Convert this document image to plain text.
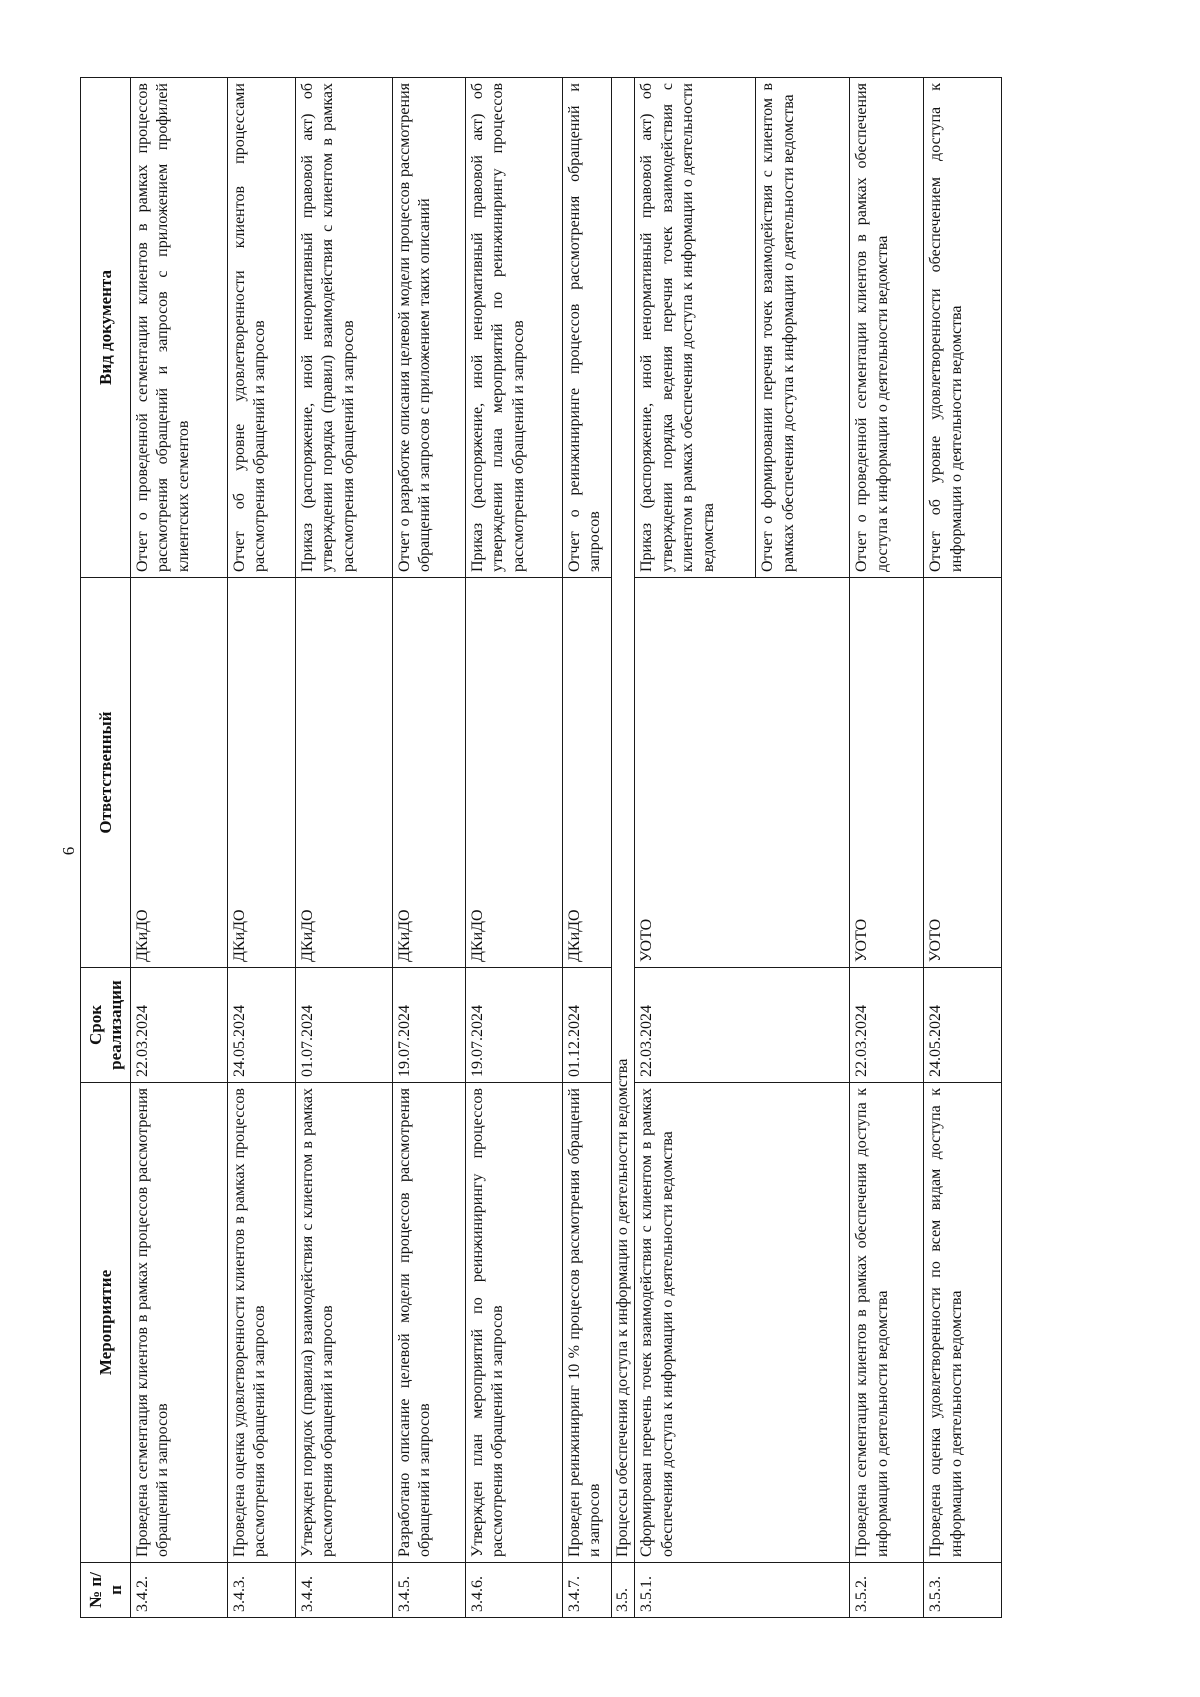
6
№ п/п	Мероприятие	Срок реализации	Ответственный	Вид документа
3.4.2.	Проведена сегментация клиентов в рамках процессов рассмотрения обращений и запросов	22.03.2024	ДКиДО	Отчет о проведенной сегментации клиентов в рамках процессов рассмотрения обращений и запросов с приложением профилей клиентских сегментов
3.4.3.	Проведена оценка удовлетворенности клиентов в рамках процессов рассмотрения обращений и запросов	24.05.2024	ДКиДО	Отчет об уровне удовлетворенности клиентов процессами рассмотрения обращений и запросов
3.4.4.	Утвержден порядок (правила) взаимодействия с клиентом в рамках рассмотрения обращений и запросов	01.07.2024	ДКиДО	Приказ (распоряжение, иной ненормативный правовой акт) об утверждении порядка (правил) взаимодействия с клиентом в рамках рассмотрения обращений и запросов
3.4.5.	Разработано описание целевой модели процессов рассмотрения обращений и запросов	19.07.2024	ДКиДО	Отчет о разработке описания целевой модели процессов рассмотрения обращений и запросов с приложением таких описаний
3.4.6.	Утвержден план мероприятий по реинжинирингу процессов рассмотрения обращений и запросов	19.07.2024	ДКиДО	Приказ (распоряжение, иной ненормативный правовой акт) об утверждении плана мероприятий по реинжинирингу процессов рассмотрения обращений и запросов
3.4.7.	Проведен реинжиниринг 10 % процессов рассмотрения обращений и запросов	01.12.2024	ДКиДО	Отчет о реинжиниринге процессов рассмотрения обращений и запросов
3.5.	Процессы обеспечения доступа к информации о деятельности ведомства			
3.5.1.	Сформирован перечень точек взаимодействия с клиентом в рамках обеспечения доступа к информации о деятельности ведомства	22.03.2024	УОТО	Приказ (распоряжение, иной ненормативный правовой акт) об утверждении порядка ведения перечня точек взаимодействия с клиентом в рамках обеспечения доступа к информации о деятельности ведомства Отчет о формировании перечня точек взаимодействия с клиентом в рамках обеспечения доступа к информации о деятельности ведомства

3.5.2.	Проведена сегментация клиентов в рамках обеспечения доступа к информации о деятельности ведомства	22.03.2024	УОТО	Отчет о проведенной сегментации клиентов в рамках обеспечения доступа к информации о деятельности ведомства
3.5.3.	Проведена оценка удовлетворенности по всем видам доступа к информации о деятельности ведомства	24.05.2024	УОТО	Отчет об уровне удовлетворенности обеспечением доступа к информации о деятельности ведомства
